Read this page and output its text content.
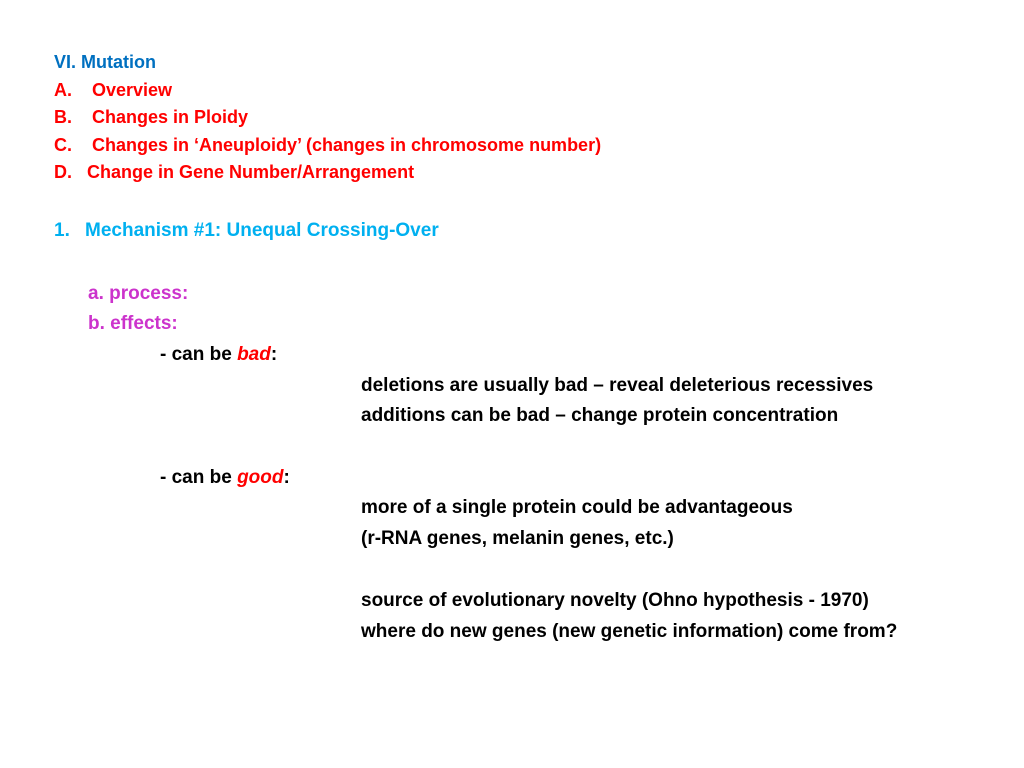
VI. Mutation
A. Overview
B. Changes in Ploidy
C. Changes in ‘Aneuploidy’ (changes in chromosome number)
D. Change in Gene Number/Arrangement
1. Mechanism #1: Unequal Crossing-Over
a. process:
b. effects:
- can be bad:
deletions are usually bad – reveal deleterious recessives
additions can be bad – change protein concentration
- can be good:
more of a single protein could be advantageous
(r-RNA genes, melanin genes, etc.)
source of evolutionary novelty (Ohno hypothesis - 1970)
where do new genes (new genetic information) come from?
